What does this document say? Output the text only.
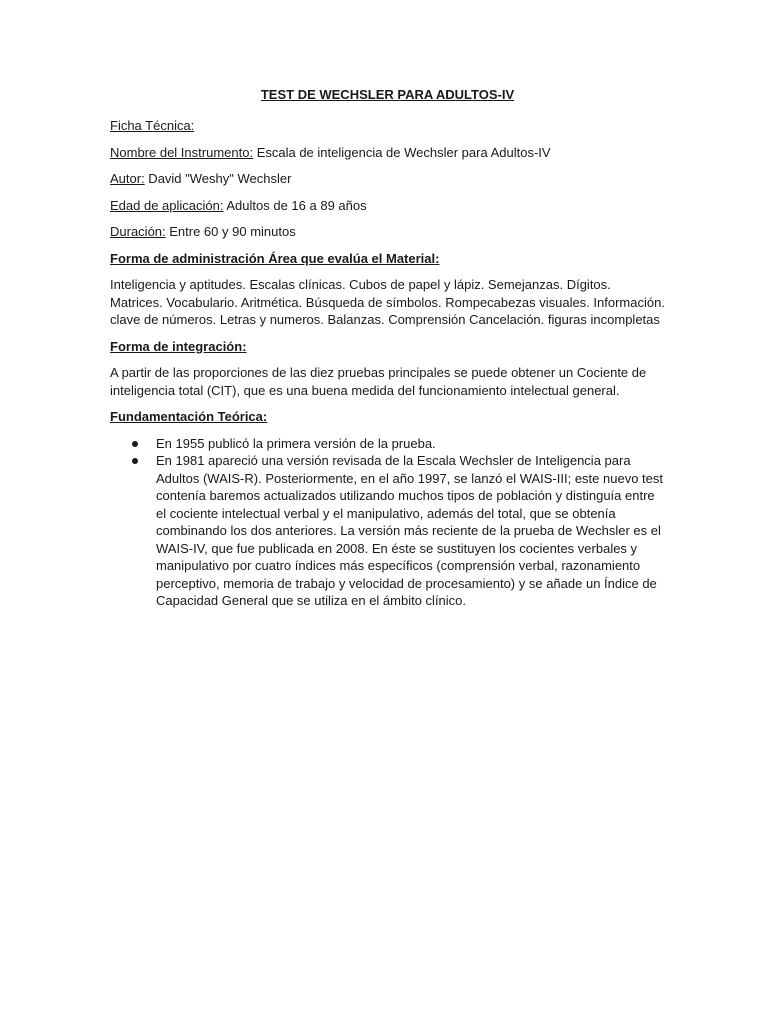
TEST DE WECHSLER PARA ADULTOS-IV
Ficha Técnica:
Nombre del Instrumento: Escala de inteligencia de Wechsler para Adultos-IV
Autor: David "Weshy" Wechsler
Edad de aplicación: Adultos de 16 a 89 años
Duración: Entre 60 y 90 minutos
Forma de administración Área que evalúa el Material:
Inteligencia y aptitudes. Escalas clínicas. Cubos de papel y lápiz. Semejanzas. Dígitos. Matrices. Vocabulario. Aritmética. Búsqueda de símbolos. Rompecabezas visuales. Información. clave de números. Letras y numeros. Balanzas. Comprensión Cancelación. figuras incompletas
Forma de integración:
A partir de las proporciones de las diez pruebas principales se puede obtener un Cociente de inteligencia total (CIT), que es una buena medida del funcionamiento intelectual general.
Fundamentación Teórica:
En 1955 publicó la primera versión de la prueba.
En 1981 apareció una versión revisada de la Escala Wechsler de Inteligencia para Adultos (WAIS-R). Posteriormente, en el año 1997, se lanzó el WAIS-III; este nuevo test contenía baremos actualizados utilizando muchos tipos de población y distinguía entre el cociente intelectual verbal y el manipulativo, además del total, que se obtenía combinando los dos anteriores. La versión más reciente de la prueba de Wechsler es el WAIS-IV, que fue publicada en 2008. En éste se sustituyen los cocientes verbales y manipulativo por cuatro índices más específicos (comprensión verbal, razonamiento perceptivo, memoria de trabajo y velocidad de procesamiento) y se añade un Índice de Capacidad General que se utiliza en el ámbito clínico.
